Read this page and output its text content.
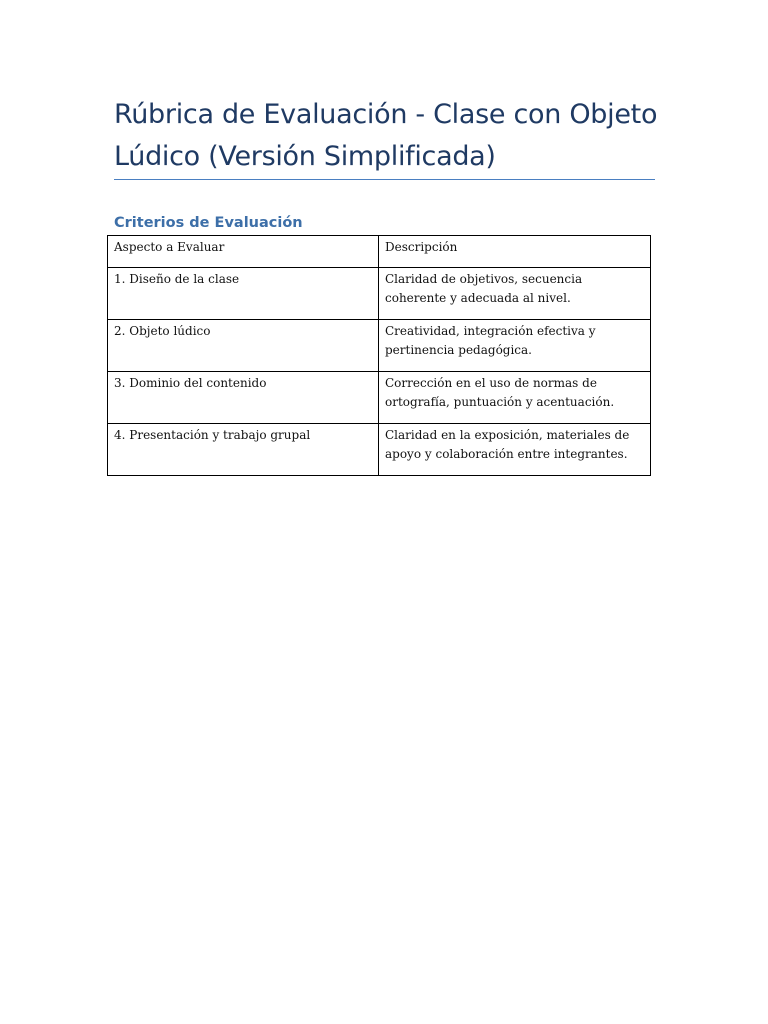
Rúbrica de Evaluación - Clase con Objeto Lúdico (Versión Simplificada)
Criterios de Evaluación
Aspecto a Evaluar	Descripción
1. Diseño de la clase	Claridad de objetivos, secuencia coherente y adecuada al nivel.
2. Objeto lúdico	Creatividad, integración efectiva y pertinencia pedagógica.
3. Dominio del contenido	Corrección en el uso de normas de ortografía, puntuación y acentuación.
4. Presentación y trabajo grupal	Claridad en la exposición, materiales de apoyo y colaboración entre integrantes.
